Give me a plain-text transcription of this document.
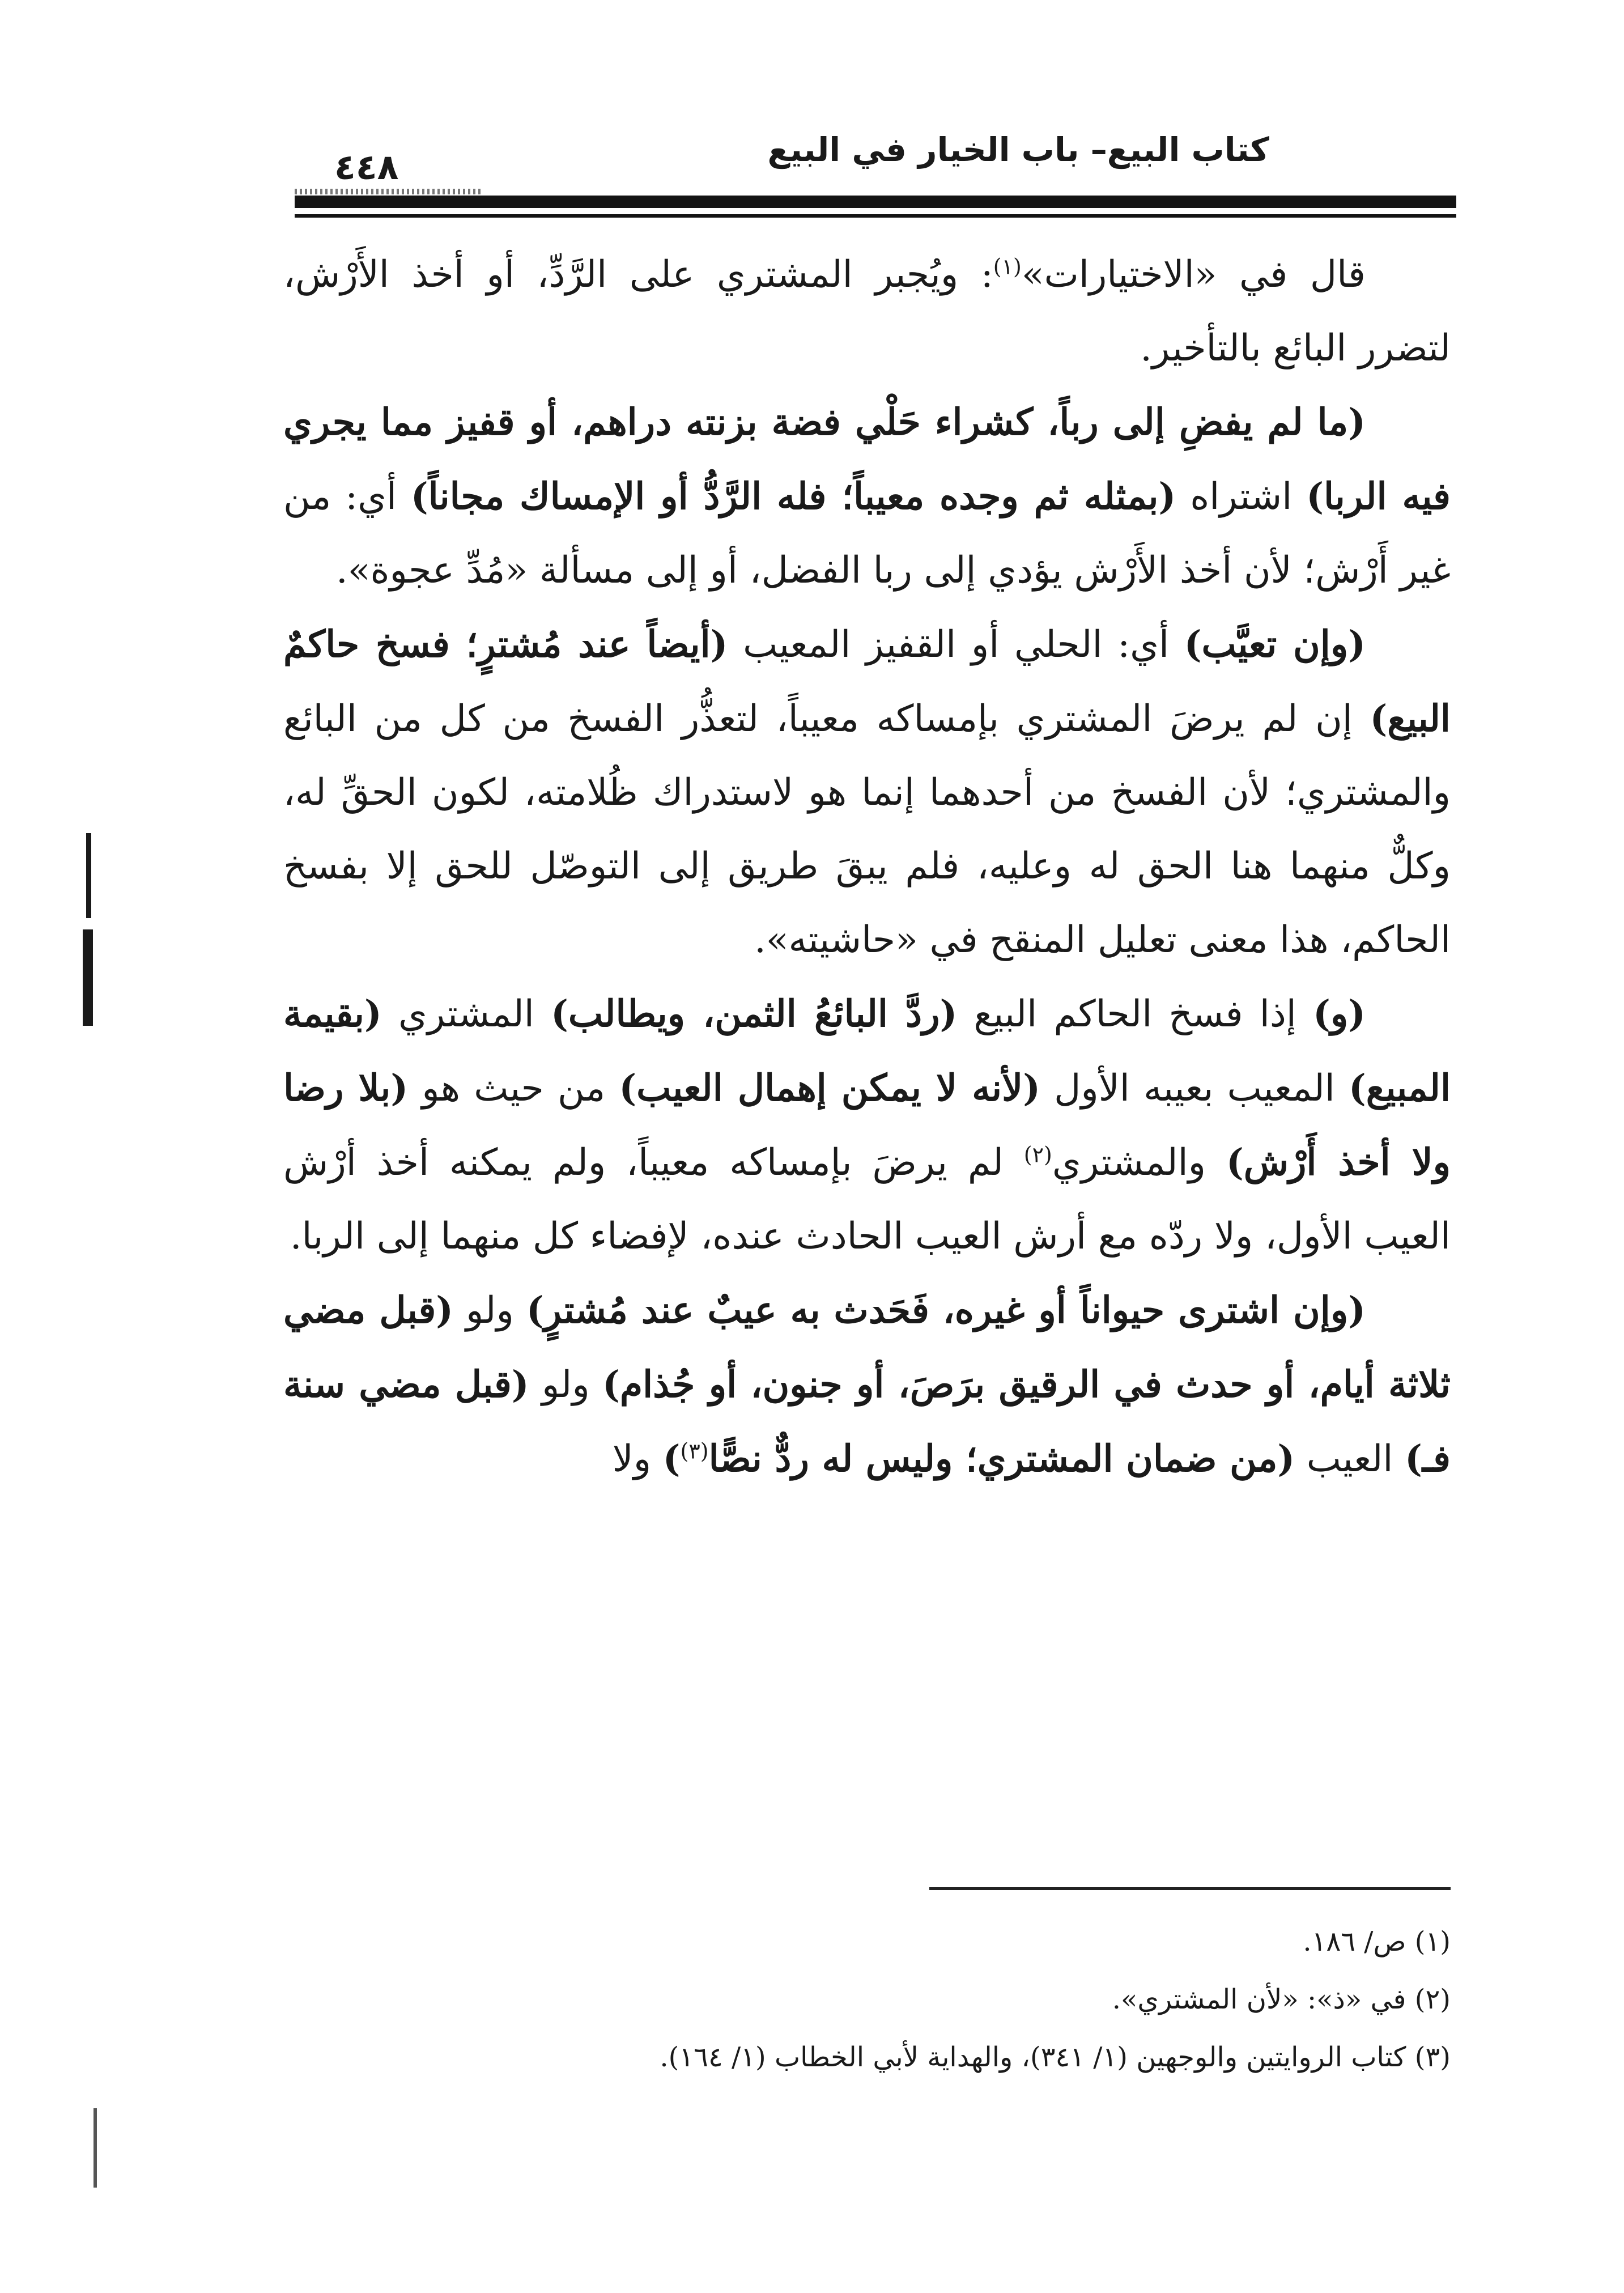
كتاب البيع– باب الخيار في البيع
٤٤٨

قال في «الاختيارات»$^{(١)}$: ويُجبر المشتري على الرَّدِّ، أو أخذ الأَرْش، لتضرر البائع بالتأخير.

(ما لم يفضِ إلى رباً، كشراء حَلْي فضة بزنته دراهم، أو قفيز مما يجري فيه الربا) اشتراه (بمثله ثم وجده معيباً؛ فله الرَّدُّ أو الإمساك مجاناً) أي: من غير أَرْش؛ لأن أخذ الأَرْش يؤدي إلى ربا الفضل، أو إلى مسألة «مُدِّ عجوة».

(وإن تعيَّب) أي: الحلي أو القفيز المعيب (أيضاً عند مُشترٍ؛ فسخ حاكمٌ البيع) إن لم يرضَ المشتري بإمساكه معيباً، لتعذُّر الفسخ من كل من البائع والمشتري؛ لأن الفسخ من أحدهما إنما هو لاستدراك ظُلامته، لكون الحقِّ له، وكلٌّ منهما هنا الحق له وعليه، فلم يبقَ طريق إلى التوصّل للحق إلا بفسخ الحاكم، هذا معنى تعليل المنقح في «حاشيته».

(و) إذا فسخ الحاكم البيع (ردَّ البائعُ الثمن، ويطالب) المشتري (بقيمة المبيع) المعيب بعيبه الأول (لأنه لا يمكن إهمال العيب) من حيث هو (بلا رضا ولا أخذ أَرْش) والمشتري$^{(٢)}$ لم يرضَ بإمساكه معيباً، ولم يمكنه أخذ أرْش العيب الأول، ولا ردّه مع أرش العيب الحادث عنده، لإفضاء كل منهما إلى الربا.

(وإن اشترى حيواناً أو غيره، فَحَدث به عيبٌ عند مُشترٍ) ولو (قبل مضي ثلاثة أيام، أو حدث في الرقيق برَصَ، أو جنون، أو جُذام) ولو (قبل مضي سنة فـ) العيب (من ضمان المشتري؛ وليس له ردٌّ نصًّا$^{(٣)}$) ولا

(١) ص/ ١٨٦.

(٢) في «ذ»: «لأن المشتري».

(٣) كتاب الروايتين والوجهين (١/ ٣٤١)، والهداية لأبي الخطاب (١/ ١٦٤).
